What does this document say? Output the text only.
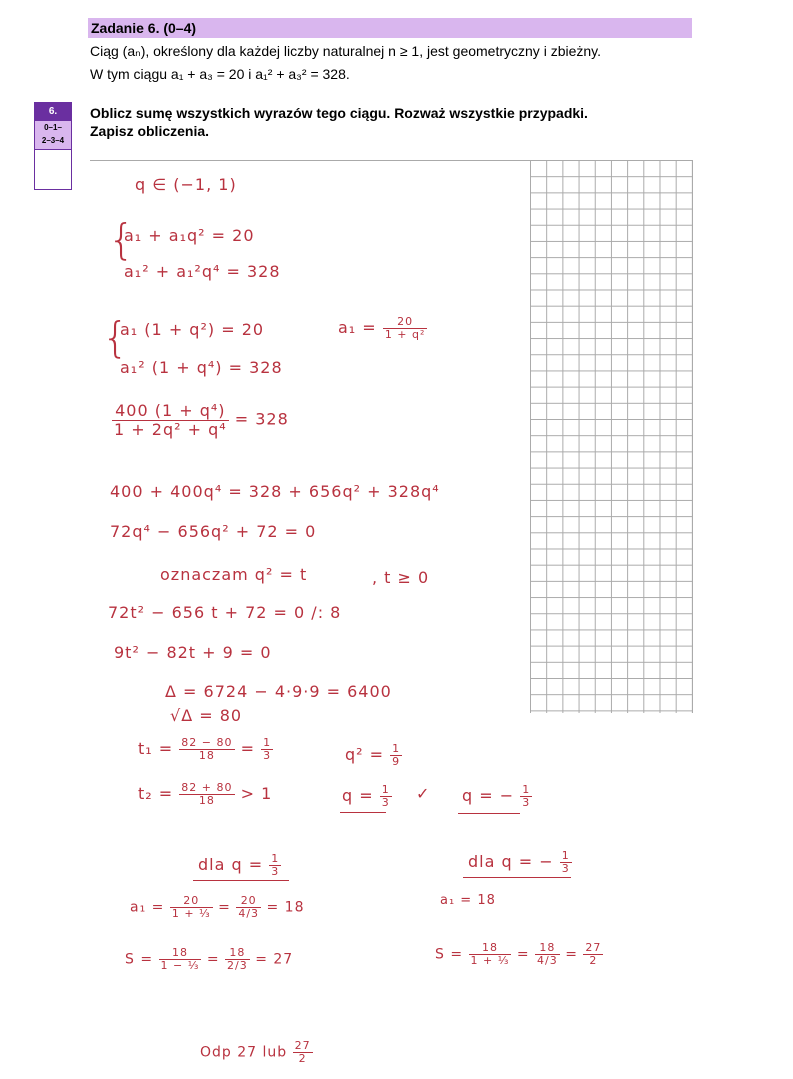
Zadanie 6. (0–4)
Ciąg (aₙ), określony dla każdej liczby naturalnej n ≥ 1, jest geometryczny i zbieżny.
W tym ciągu a₁ + a₃ = 20 i a₁² + a₃² = 328.
6.
0–1–
2–3–4
Oblicz sumę wszystkich wyrazów tego ciągu. Rozważ wszystkie przypadki.
Zapisz obliczenia.
q ∈ (−1, 1)
{
a₁ + a₁q² = 20
a₁² + a₁²q⁴ = 328
{
a₁ (1 + q²) = 20
a₁² (1 + q⁴) = 328
$a_1 = \frac{20}{\text{1 + q²}}$
$\frac{\text{400 (1 + q⁴)}}{\text{1 + 2q² + q⁴}} = 328$
400 + 400q⁴ = 328 + 656q² + 328q⁴
72q⁴ − 656q² + 72 = 0
oznaczam q² = t	, t ≥ 0
72t² − 656 t + 72 = 0 /: 8
9t² − 82t + 9 = 0
Δ = 6724 − 4·9·9 = 6400
√Δ = 80
$t_1 = \frac{82 - 80}{18} = \frac{1}{3}$	$q^2 = \frac{1}{9}$
$t_2 = \frac{82 + 80}{18} > 1$	$q = \frac{1}{3}$ ✓ q = − $\frac{1}{3}$
dla $q = \frac{1}{3}$	dla q = − $\frac{1}{3}$
$a_1 = \frac{20}{\text{1 + ⅓}} = \frac{20}{4/3} = 18$	a₁ = 18
$S = \frac{18}{\text{1 − ⅓}} = \frac{18}{2/3} = 27$	$S = \frac{18}{\text{1 + ⅓}} = \frac{18}{4/3} = \frac{27}{2}$
Odp 27 lub $\frac{27}{2}$
